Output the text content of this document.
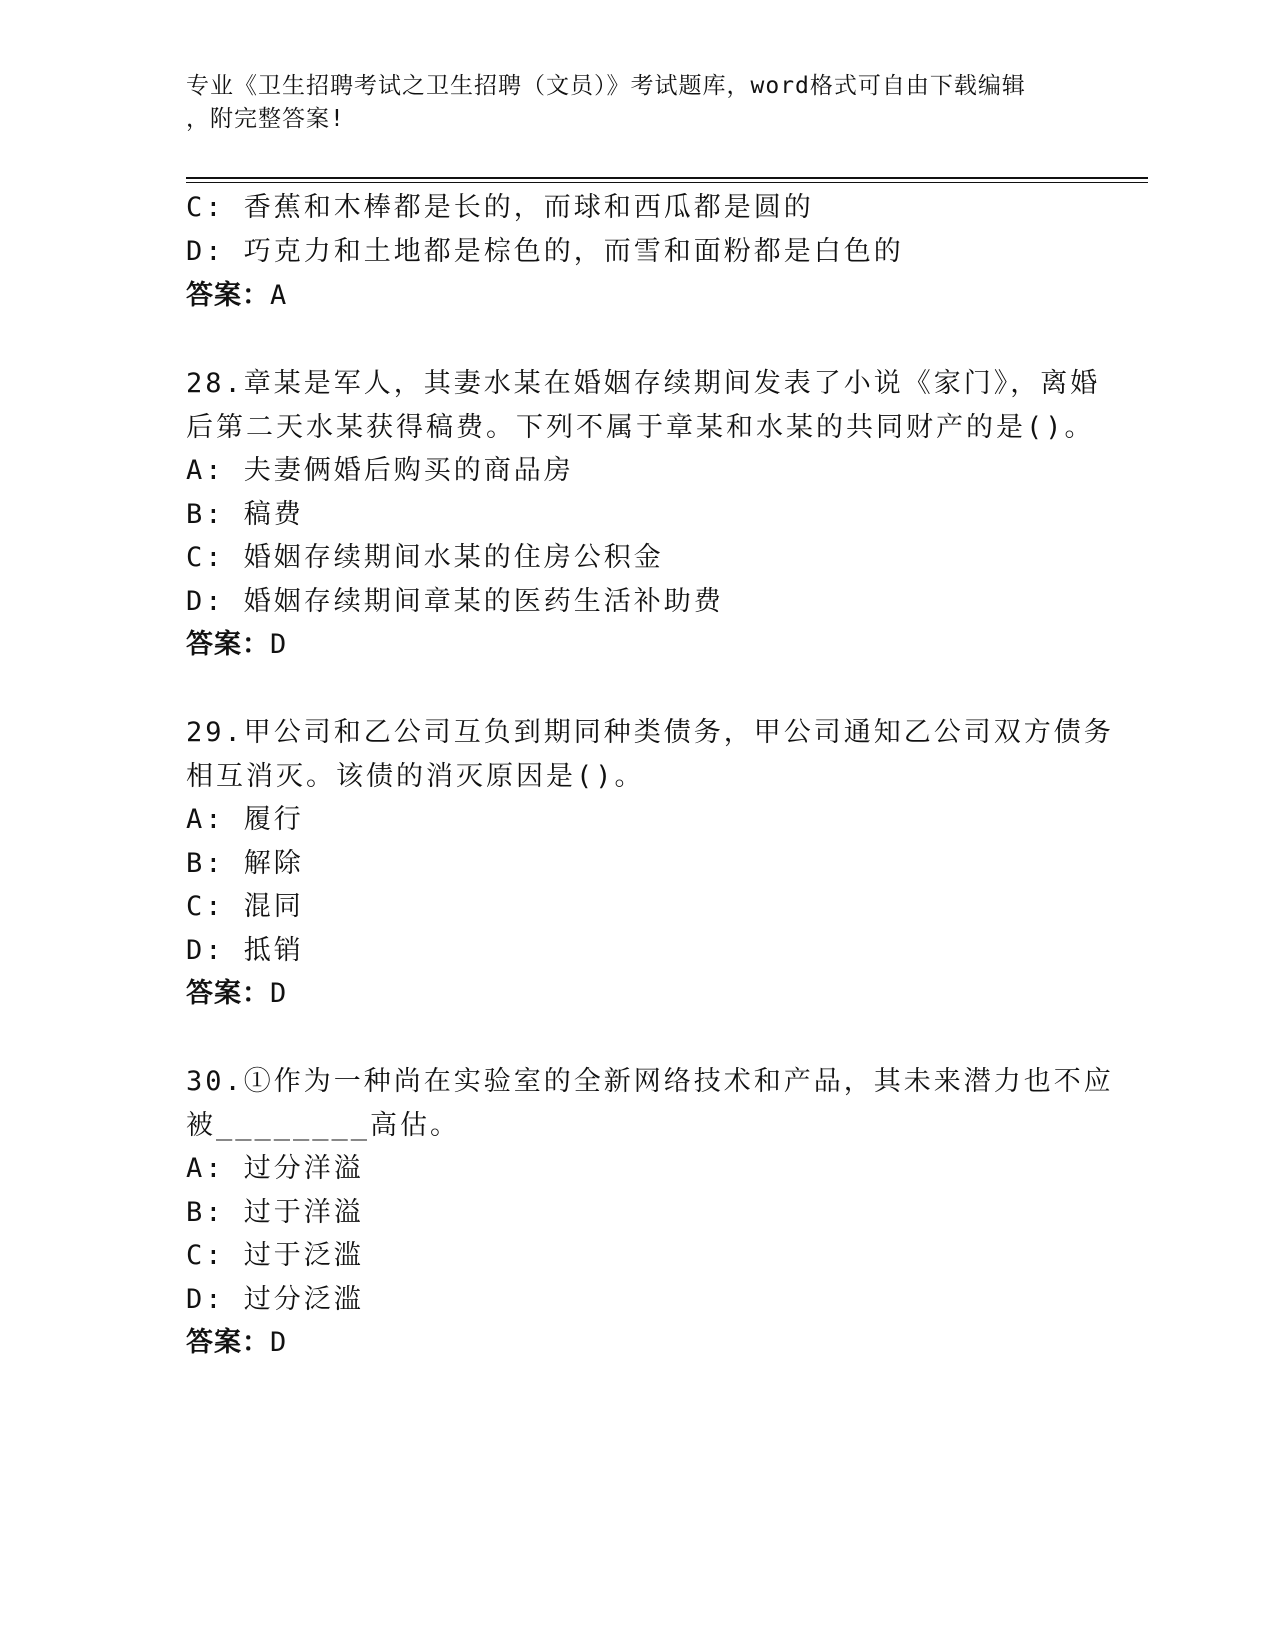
专业《卫生招聘考试之卫生招聘（文员）》考试题库，word格式可自由下载编辑
，附完整答案!
C: 香蕉和木棒都是长的，而球和西瓜都是圆的
D: 巧克力和土地都是棕色的，而雪和面粉都是白色的
答案：A
28.章某是军人，其妻水某在婚姻存续期间发表了小说《家门》，离婚
后第二天水某获得稿费。下列不属于章某和水某的共同财产的是()。
A: 夫妻俩婚后购买的商品房
B: 稿费
C: 婚姻存续期间水某的住房公积金
D: 婚姻存续期间章某的医药生活补助费
答案：D
29.甲公司和乙公司互负到期同种类债务，甲公司通知乙公司双方债务
相互消灭。该债的消灭原因是()。
A: 履行
B: 解除
C: 混同
D: 抵销
答案：D
30.①作为一种尚在实验室的全新网络技术和产品，其未来潜力也不应
被________高估。
A: 过分洋溢
B: 过于洋溢
C: 过于泛滥
D: 过分泛滥
答案：D
